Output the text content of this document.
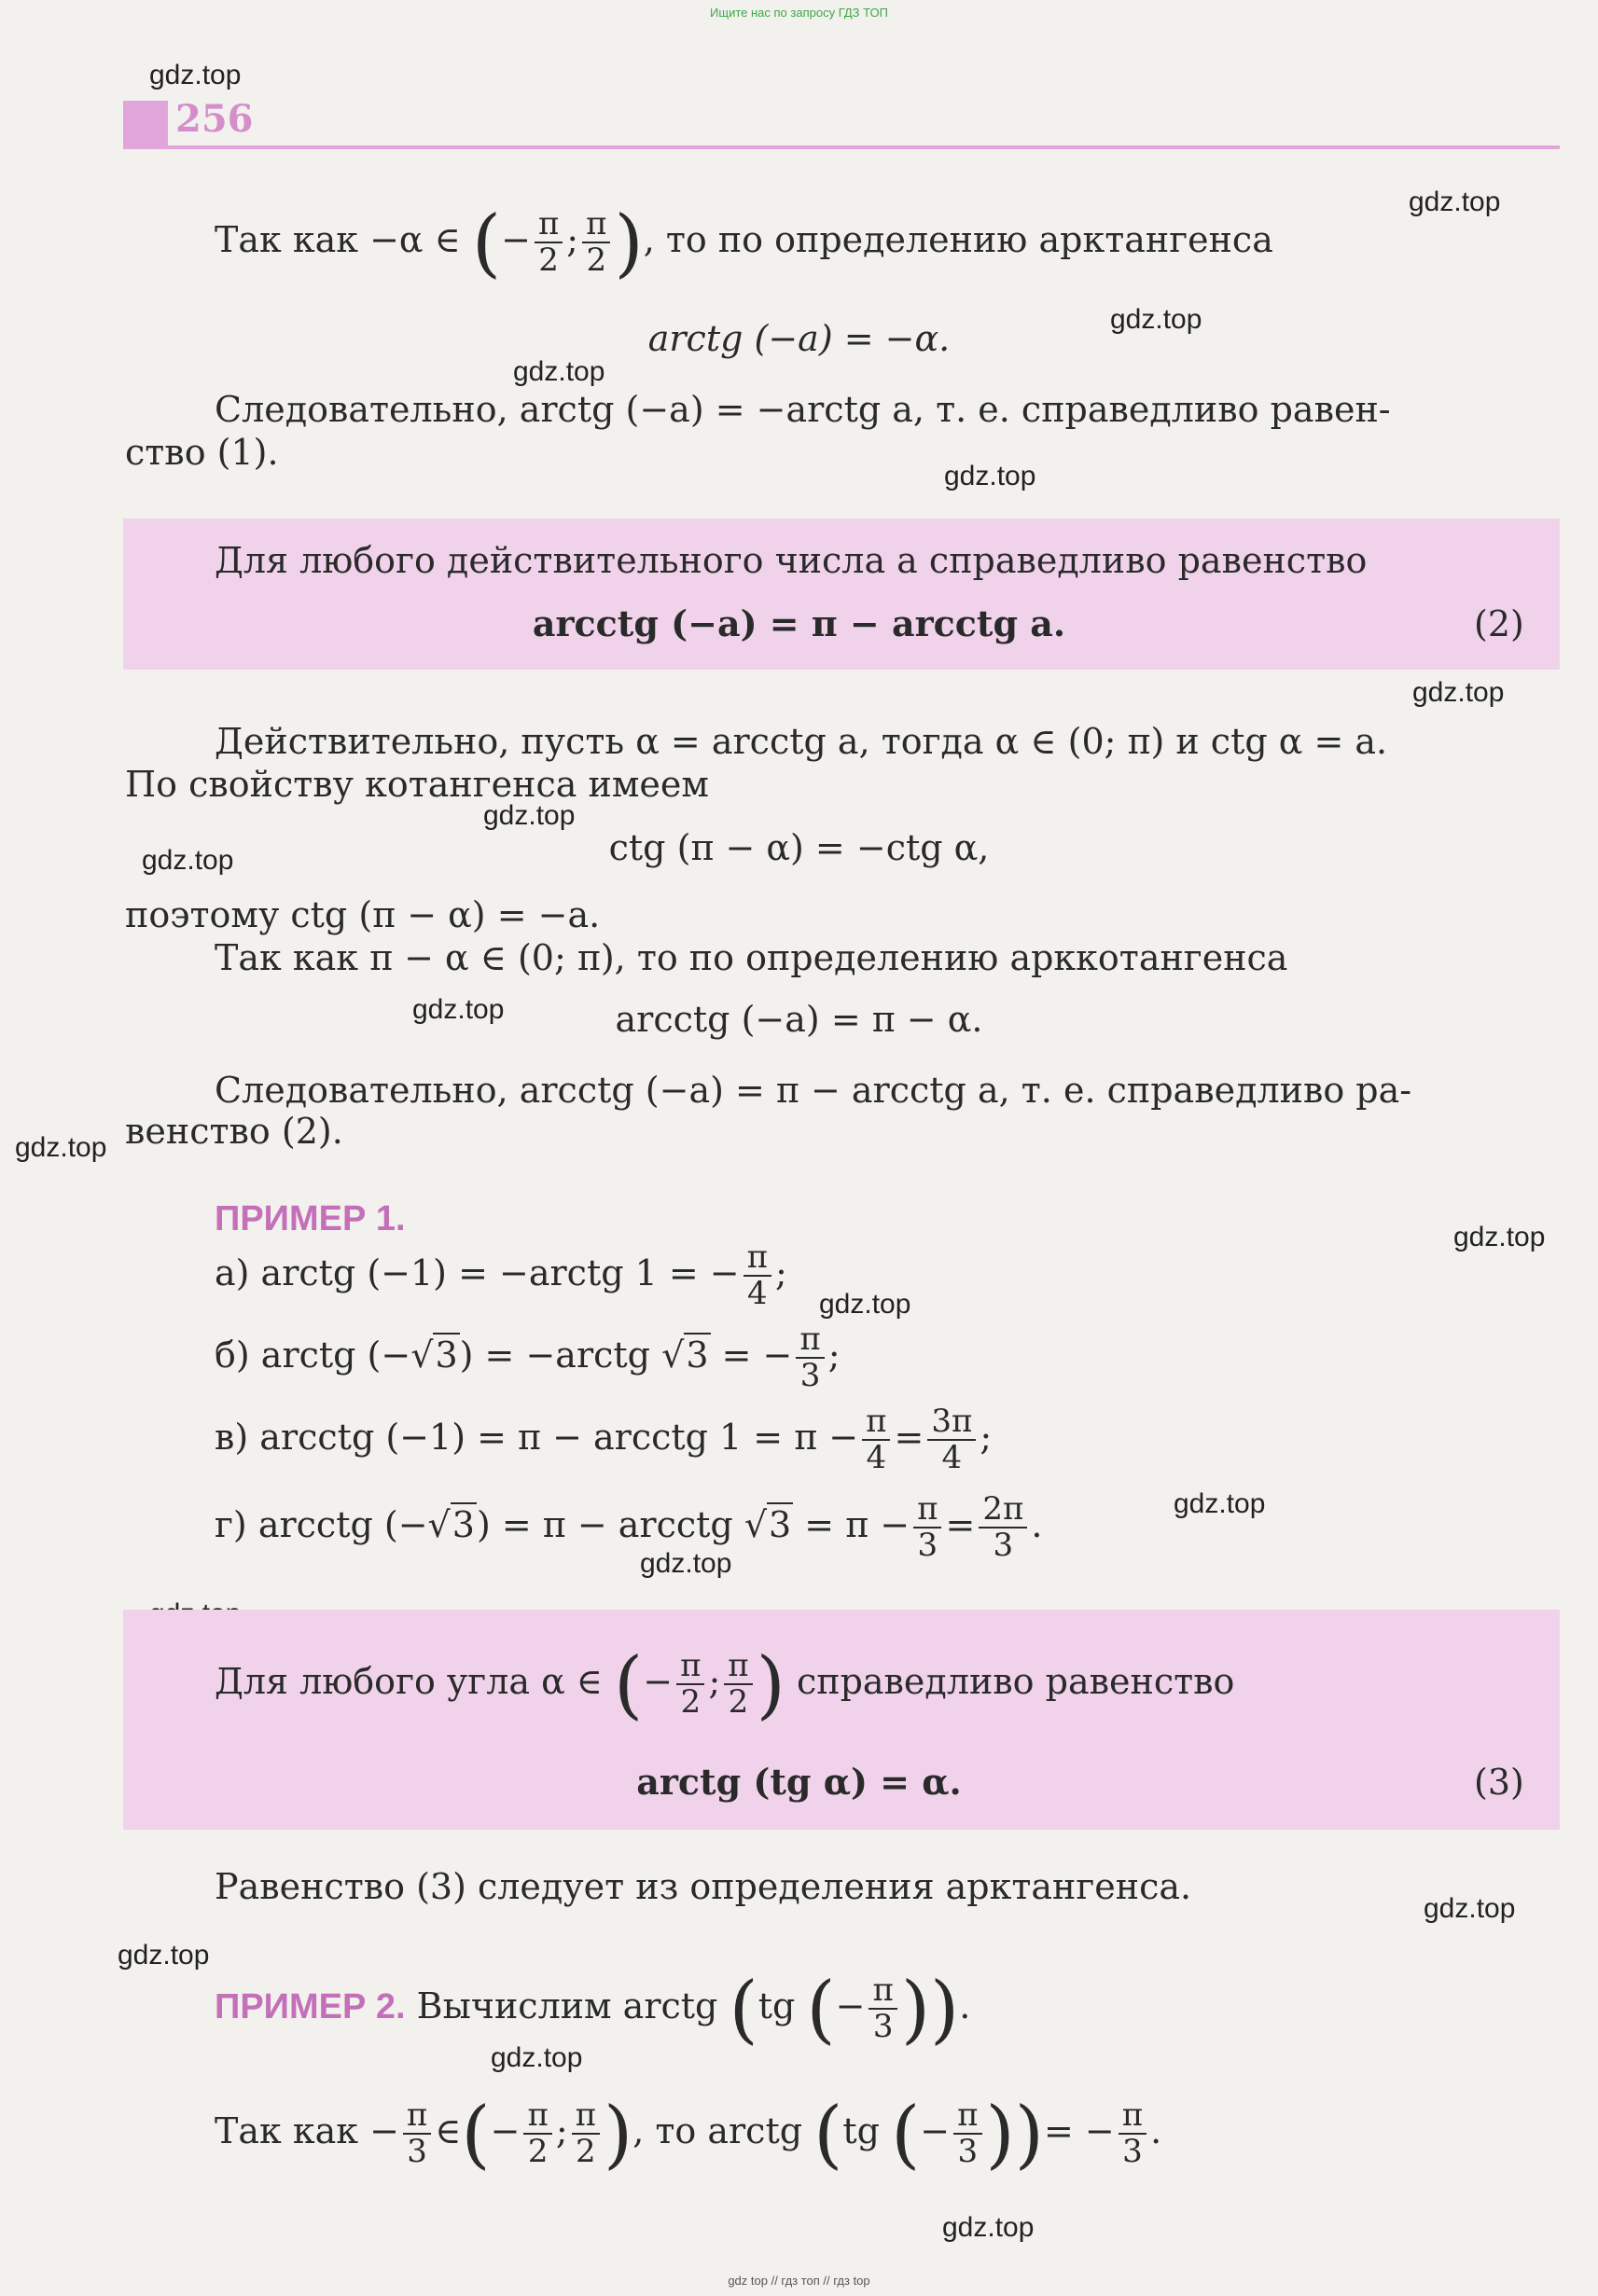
Ищите нас по запросу ГДЗ ТОП
gdz.top
gdz.top
gdz.top
gdz.top
gdz.top
gdz.top
gdz.top
gdz.top
gdz.top
gdz.top
gdz.top
gdz.top
gdz.top
gdz.top
gdz.top
gdz.top
gdz.top
gdz.top
256
Так как −α ∈ (− $\frac{\pi}{2}$ ; $\frac{\pi}{2}$ ), то по определению арктангенса
arctg (−a) = −α.
Следовательно, arctg (−a) = −arctg a, т. е. справедливо равен-
ство (1).
Для любого действительного числа a справедливо равенство
arcctg (−a) = π − arcctg a.	(2)
Действительно, пусть α = arcctg a, тогда α ∈ (0; π) и ctg α = a.
По свойству котангенса имеем
ctg (π − α) = −ctg α,
поэтому ctg (π − α) = −a.
Так как π − α ∈ (0; π), то по определению арккотангенса
arcctg (−a) = π − α.
Следовательно, arcctg (−a) = π − arcctg a, т. е. справедливо ра-
венство (2).
ПРИМЕР 1.
а) arctg (−1) = −arctg 1 = − $\frac{\pi}{4}$ ;
б) arctg (−√3) = −arctg √3 = − $\frac{\pi}{3}$ ;
в) arcctg (−1) = π − arcctg $1 = \pi - \frac{\pi}{4} = \frac{3\pi}{4}$ ;
г) arcctg (−√3) = π − arcctg $√3 = \pi - \frac{\pi}{3} = \frac{2\pi}{3}$ .
Для любого угла α ∈ (− $\frac{\pi}{2}$ ; $\frac{\pi}{2}$ ) справедливо равенство
arctg (tg α) = α.	(3)
Равенство (3) следует из определения арктангенса.
ПРИМЕР 2. Вычислим arctg (tg (− $\frac{\pi}{3}$ )).
Так как − $\frac{\pi}{3}$ ∈(− $\frac{\pi}{2}$ ; $\frac{\pi}{2}$ ), то arctg (tg (− $\frac{\pi}{3}$ ))= − $\frac{\pi}{3}$ .
gdz top // гдз топ // гдз top
